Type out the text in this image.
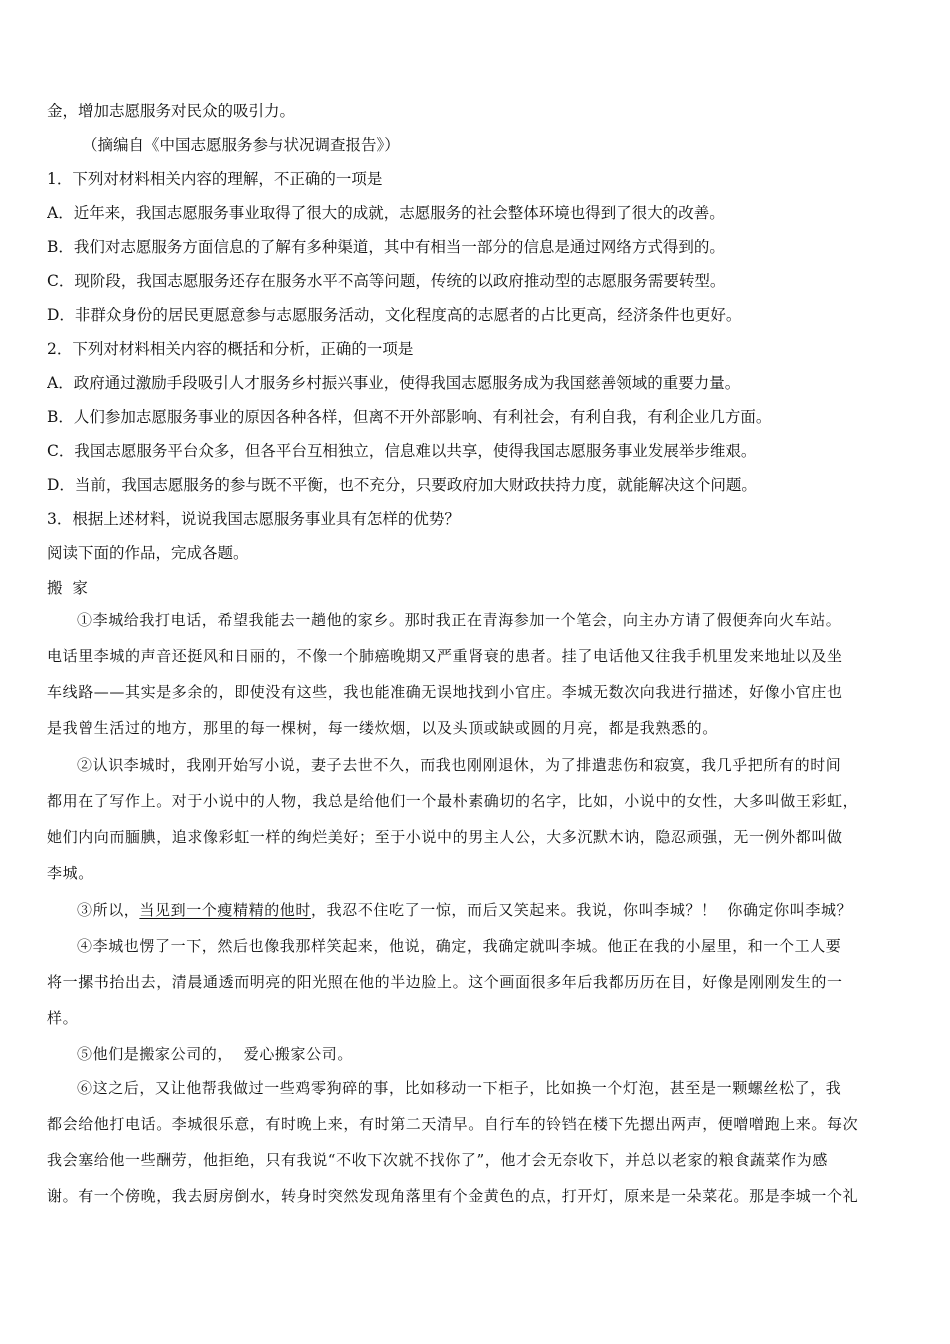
金，增加志愿服务对民众的吸引力。
（摘编自《中国志愿服务参与状况调查报告》）
1．下列对材料相关内容的理解，不正确的一项是
A．近年来，我国志愿服务事业取得了很大的成就，志愿服务的社会整体环境也得到了很大的改善。
B．我们对志愿服务方面信息的了解有多种渠道，其中有相当一部分的信息是通过网络方式得到的。
C．现阶段，我国志愿服务还存在服务水平不高等问题，传统的以政府推动型的志愿服务需要转型。
D．非群众身份的居民更愿意参与志愿服务活动，文化程度高的志愿者的占比更高，经济条件也更好。
2．下列对材料相关内容的概括和分析，正确的一项是
A．政府通过激励手段吸引人才服务乡村振兴事业，使得我国志愿服务成为我国慈善领域的重要力量。
B．人们参加志愿服务事业的原因各种各样，但离不开外部影响、有利社会，有利自我，有利企业几方面。
C．我国志愿服务平台众多，但各平台互相独立，信息难以共享，使得我国志愿服务事业发展举步维艰。
D．当前，我国志愿服务的参与既不平衡，也不充分，只要政府加大财政扶持力度，就能解决这个问题。
3．根据上述材料，说说我国志愿服务事业具有怎样的优势？
阅读下面的作品，完成各题。
搬  家
①李城给我打电话，希望我能去一趟他的家乡。那时我正在青海参加一个笔会，向主办方请了假便奔向火车站。
电话里李城的声音还挺风和日丽的，不像一个肺癌晚期又严重肾衰的患者。挂了电话他又往我手机里发来地址以及坐
车线路——其实是多余的，即使没有这些，我也能准确无误地找到小官庄。李城无数次向我进行描述，好像小官庄也
是我曾生活过的地方，那里的每一棵树，每一缕炊烟，以及头顶或缺或圆的月亮，都是我熟悉的。
②认识李城时，我刚开始写小说，妻子去世不久，而我也刚刚退休，为了排遣悲伤和寂寞，我几乎把所有的时间
都用在了写作上。对于小说中的人物，我总是给他们一个最朴素确切的名字，比如，小说中的女性，大多叫做王彩虹，
她们内向而腼腆，追求像彩虹一样的绚烂美好；至于小说中的男主人公，大多沉默木讷，隐忍顽强，无一例外都叫做
李城。
③所以，当见到一个瘦精精的他时，我忍不住吃了一惊，而后又笑起来。我说，你叫李城？！  你确定你叫李城？
④李城也愣了一下，然后也像我那样笑起来，他说，确定，我确定就叫李城。他正在我的小屋里，和一个工人要
将一摞书抬出去，清晨通透而明亮的阳光照在他的半边脸上。这个画面很多年后我都历历在目，好像是刚刚发生的一
样。
⑤他们是搬家公司的，  爱心搬家公司。
⑥这之后，又让他帮我做过一些鸡零狗碎的事，比如移动一下柜子，比如换一个灯泡，甚至是一颗螺丝松了，我
都会给他打电话。李城很乐意，有时晚上来，有时第二天清早。自行车的铃铛在楼下先摁出两声，便噌噌跑上来。每次
我会塞给他一些酬劳，他拒绝，只有我说“不收下次就不找你了”，他才会无奈收下，并总以老家的粮食蔬菜作为感
谢。有一个傍晚，我去厨房倒水，转身时突然发现角落里有个金黄色的点，打开灯，原来是一朵菜花。那是李城一个礼
